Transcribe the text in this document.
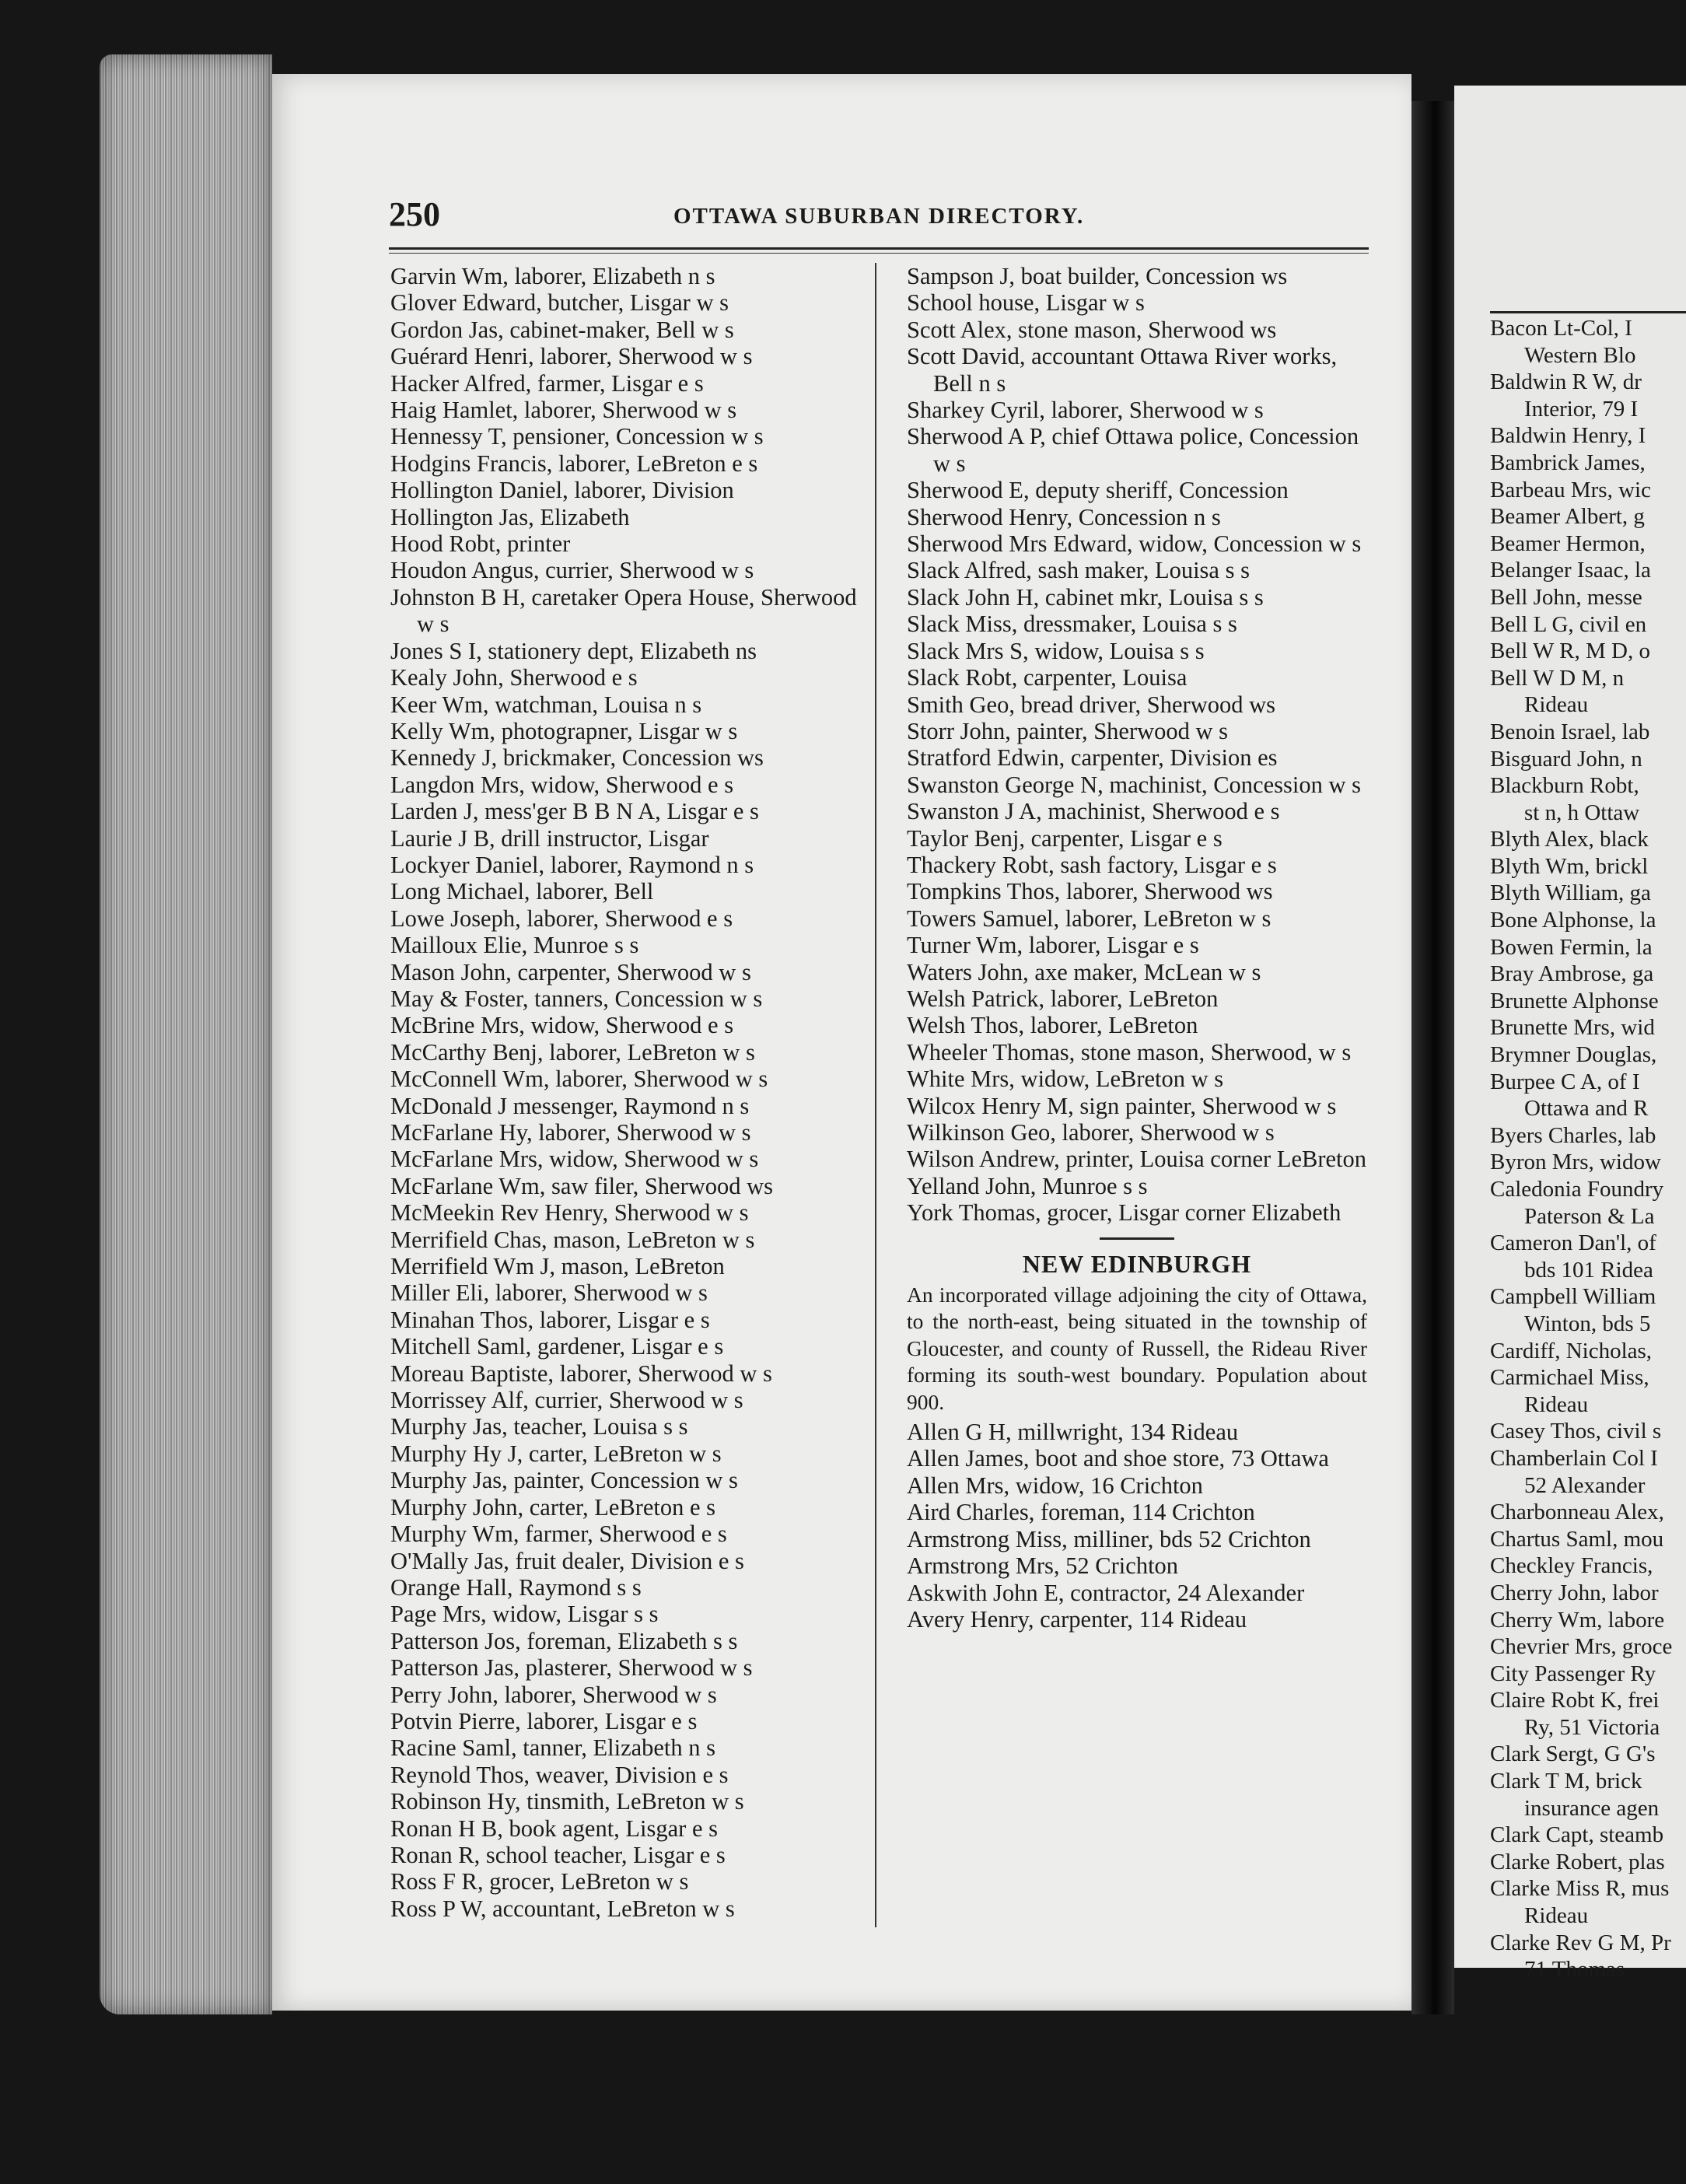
250	OTTAWA SUBURBAN DIRECTORY.
Garvin Wm, laborer, Elizabeth n s
Glover Edward, butcher, Lisgar w s
Gordon Jas, cabinet-maker, Bell w s
Guérard Henri, laborer, Sherwood w s
Hacker Alfred, farmer, Lisgar e s
Haig Hamlet, laborer, Sherwood w s
Hennessy T, pensioner, Concession w s
Hodgins Francis, laborer, LeBreton e s
Hollington Daniel, laborer, Division
Hollington Jas, Elizabeth
Hood Robt, printer
Houdon Angus, currier, Sherwood w s
Johnston B H, caretaker Opera House, Sherwood w s
Jones S I, stationery dept, Elizabeth ns
Kealy John, Sherwood e s
Keer Wm, watchman, Louisa n s
Kelly Wm, photograpner, Lisgar w s
Kennedy J, brickmaker, Concession ws
Langdon Mrs, widow, Sherwood e s
Larden J, mess'ger B B N A, Lisgar e s
Laurie J B, drill instructor, Lisgar
Lockyer Daniel, laborer, Raymond n s
Long Michael, laborer, Bell
Lowe Joseph, laborer, Sherwood e s
Mailloux Elie, Munroe s s
Mason John, carpenter, Sherwood w s
May & Foster, tanners, Concession w s
McBrine Mrs, widow, Sherwood e s
McCarthy Benj, laborer, LeBreton w s
McConnell Wm, laborer, Sherwood w s
McDonald J messenger, Raymond n s
McFarlane Hy, laborer, Sherwood w s
McFarlane Mrs, widow, Sherwood w s
McFarlane Wm, saw filer, Sherwood ws
McMeekin Rev Henry, Sherwood w s
Merrifield Chas, mason, LeBreton w s
Merrifield Wm J, mason, LeBreton
Miller Eli, laborer, Sherwood w s
Minahan Thos, laborer, Lisgar e s
Mitchell Saml, gardener, Lisgar e s
Moreau Baptiste, laborer, Sherwood w s
Morrissey Alf, currier, Sherwood w s
Murphy Jas, teacher, Louisa s s
Murphy Hy J, carter, LeBreton w s
Murphy Jas, painter, Concession w s
Murphy John, carter, LeBreton e s
Murphy Wm, farmer, Sherwood e s
O'Mally Jas, fruit dealer, Division e s
Orange Hall, Raymond s s
Page Mrs, widow, Lisgar s s
Patterson Jos, foreman, Elizabeth s s
Patterson Jas, plasterer, Sherwood w s
Perry John, laborer, Sherwood w s
Potvin Pierre, laborer, Lisgar e s
Racine Saml, tanner, Elizabeth n s
Reynold Thos, weaver, Division e s
Robinson Hy, tinsmith, LeBreton w s
Ronan H B, book agent, Lisgar e s
Ronan R, school teacher, Lisgar e s
Ross F R, grocer, LeBreton w s
Ross P W, accountant, LeBreton w s
Sampson J, boat builder, Concession ws
School house, Lisgar w s
Scott Alex, stone mason, Sherwood ws
Scott David, accountant Ottawa River works, Bell n s
Sharkey Cyril, laborer, Sherwood w s
Sherwood A P, chief Ottawa police, Concession w s
Sherwood E, deputy sheriff, Concession
Sherwood Henry, Concession n s
Sherwood Mrs Edward, widow, Concession w s
Slack Alfred, sash maker, Louisa s s
Slack John H, cabinet mkr, Louisa s s
Slack Miss, dressmaker, Louisa s s
Slack Mrs S, widow, Louisa s s
Slack Robt, carpenter, Louisa
Smith Geo, bread driver, Sherwood ws
Storr John, painter, Sherwood w s
Stratford Edwin, carpenter, Division es
Swanston George N, machinist, Concession w s
Swanston J A, machinist, Sherwood e s
Taylor Benj, carpenter, Lisgar e s
Thackery Robt, sash factory, Lisgar e s
Tompkins Thos, laborer, Sherwood ws
Towers Samuel, laborer, LeBreton w s
Turner Wm, laborer, Lisgar e s
Waters John, axe maker, McLean w s
Welsh Patrick, laborer, LeBreton
Welsh Thos, laborer, LeBreton
Wheeler Thomas, stone mason, Sherwood, w s
White Mrs, widow, LeBreton w s
Wilcox Henry M, sign painter, Sherwood w s
Wilkinson Geo, laborer, Sherwood w s
Wilson Andrew, printer, Louisa corner LeBreton
Yelland John, Munroe s s
York Thomas, grocer, Lisgar corner Elizabeth
NEW EDINBURGH
An incorporated village adjoining the city of Ottawa, to the north-east, being situated in the township of Gloucester, and county of Russell, the Rideau River forming its south-west boundary. Population about 900.
Allen G H, millwright, 134 Rideau
Allen James, boot and shoe store, 73 Ottawa
Allen Mrs, widow, 16 Crichton
Aird Charles, foreman, 114 Crichton
Armstrong Miss, milliner, bds 52 Crichton
Armstrong Mrs, 52 Crichton
Askwith John E, contractor, 24 Alexander
Avery Henry, carpenter, 114 Rideau
Bacon Lt-Col, I
Western Blo
Baldwin R W, dr
Interior, 79 I
Baldwin Henry, I
Bambrick James,
Barbeau Mrs, wic
Beamer Albert, g
Beamer Hermon,
Belanger Isaac, la
Bell John, messe
Bell L G, civil en
Bell W R, M D, o
Bell W D M, n
Rideau
Benoin Israel, lab
Bisguard John, n
Blackburn Robt,
st n, h Ottaw
Blyth Alex, black
Blyth Wm, brickl
Blyth William, ga
Bone Alphonse, la
Bowen Fermin, la
Bray Ambrose, ga
Brunette Alphonse
Brunette Mrs, wid
Brymner Douglas,
Burpee C A, of I
Ottawa and R
Byers Charles, lab
Byron Mrs, widow
Caledonia Foundry
Paterson & La
Cameron Dan'l, of
bds 101 Ridea
Campbell William
Winton, bds 5
Cardiff, Nicholas,
Carmichael Miss,
Rideau
Casey Thos, civil s
Chamberlain Col I
52 Alexander
Charbonneau Alex,
Chartus Saml, mou
Checkley Francis,
Cherry John, labor
Cherry Wm, labore
Chevrier Mrs, groce
City Passenger Ry
Claire Robt K, frei
Ry, 51 Victoria
Clark Sergt, G G's
Clark T M, brick
insurance agen
Clark Capt, steamb
Clarke Robert, plas
Clarke Miss R, mus
Rideau
Clarke Rev G M, Pr
71 Thomas
